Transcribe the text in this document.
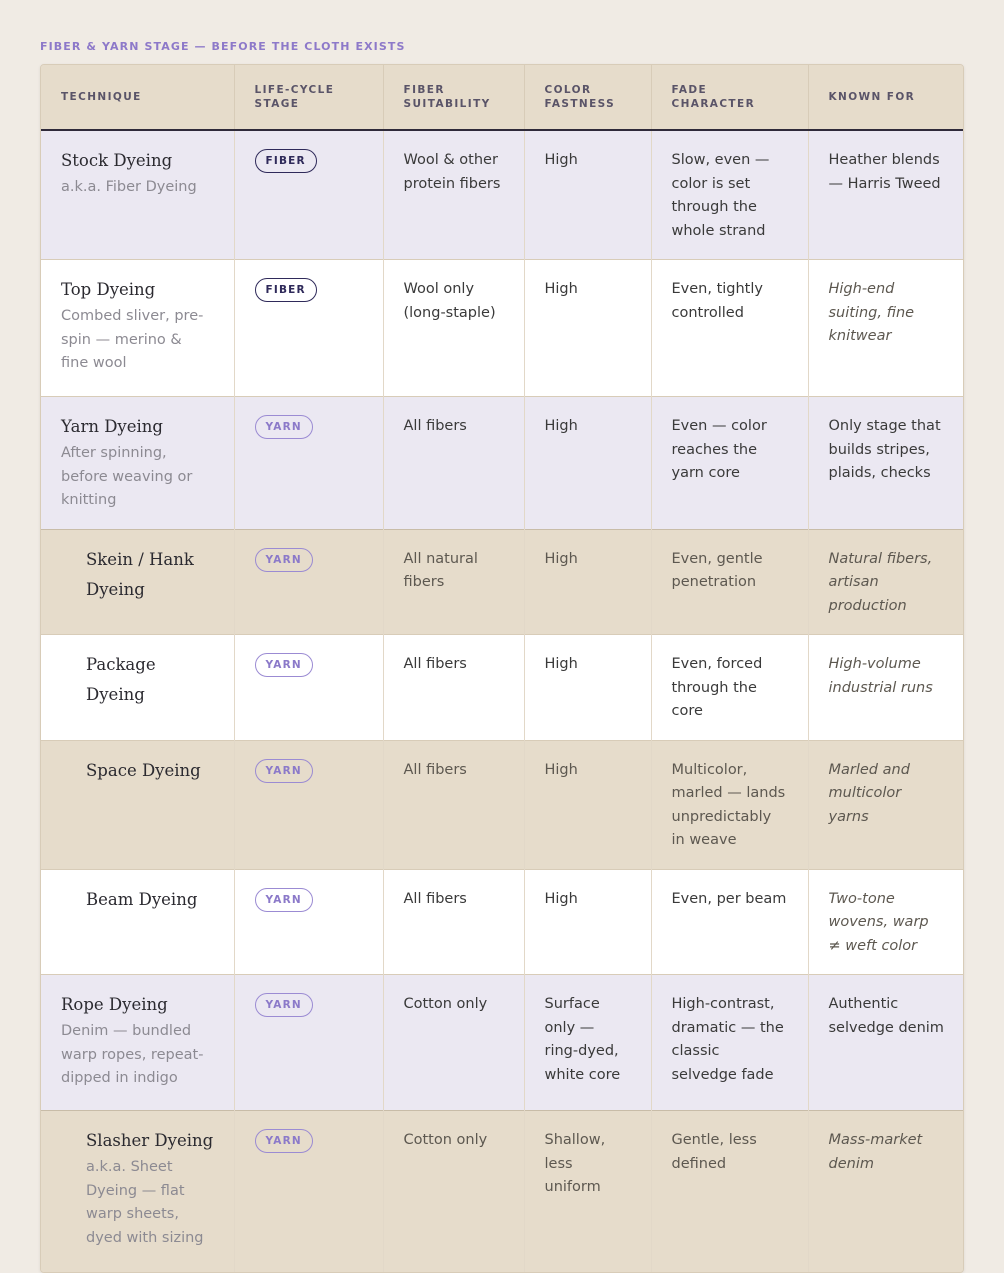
FIBER & YARN STAGE — BEFORE THE CLOTH EXISTS
TECHNIQUE	LIFE-CYCLE STAGE	FIBER SUITABILITY	COLOR FASTNESS	FADE CHARACTER	KNOWN FOR

Stock Dyeing
a.k.a. Fiber Dyeing	FIBER	Wool & other protein fibers	High	Slow, even — color is set through the whole strand	Heather blends — Harris Tweed

Top Dyeing
Combed sliver, pre-spin — merino & fine wool	FIBER	Wool only (long-staple)	High	Even, tightly controlled	High-end suiting, fine knitwear

Yarn Dyeing
After spinning, before weaving or knitting	YARN	All fibers	High	Even — color reaches the yarn core	Only stage that builds stripes, plaids, checks

Skein / Hank Dyeing	YARN	All natural fibers	High	Even, gentle penetration	Natural fibers, artisan production

Package Dyeing	YARN	All fibers	High	Even, forced through the core	High-volume industrial runs

Space Dyeing	YARN	All fibers	High	Multicolor, marled — lands unpredictably in weave	Marled and multicolor yarns

Beam Dyeing	YARN	All fibers	High	Even, per beam	Two-tone wovens, warp ≠ weft color

Rope Dyeing
Denim — bundled warp ropes, repeat-dipped in indigo	YARN	Cotton only	Surface only — ring-dyed, white core	High-contrast, dramatic — the classic selvedge fade	Authentic selvedge denim

Slasher Dyeing
a.k.a. Sheet Dyeing — flat warp sheets, dyed with sizing	YARN	Cotton only	Shallow, less uniform	Gentle, less defined	Mass-market denim
